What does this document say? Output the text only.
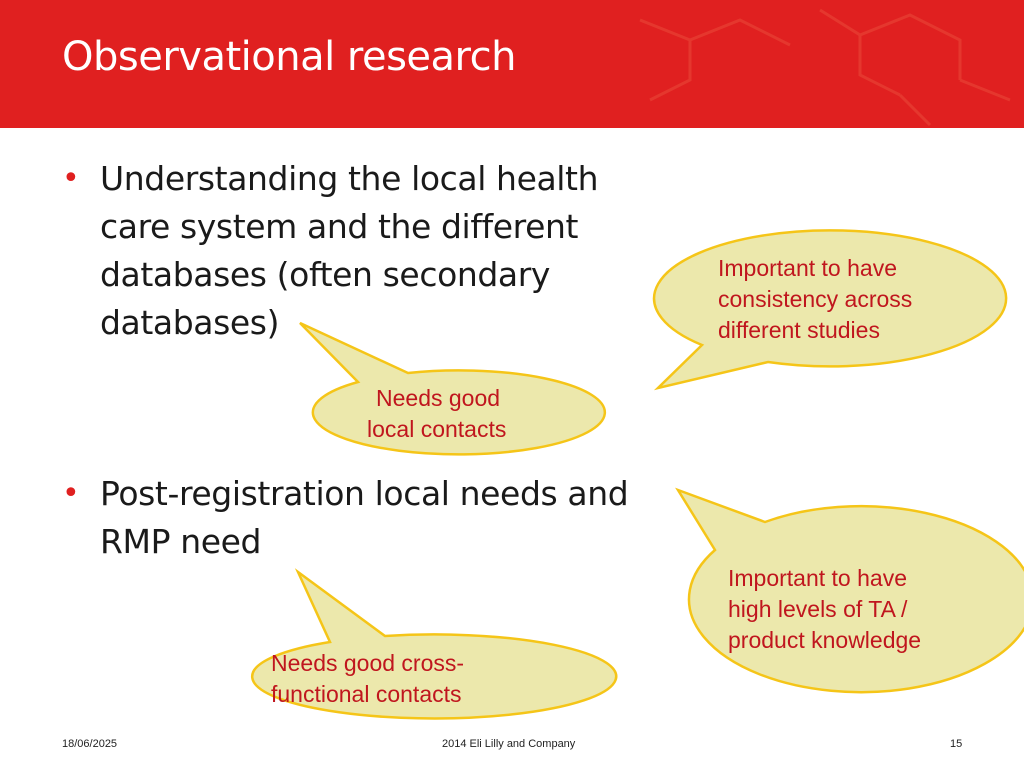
Observational research
• Understanding the local health
care system and the different
databases (often secondary
databases)
• Post-registration local needs and
RMP need
Needs good
local contacts
Important to have
consistency across
different studies
Important to have
high levels of TA /
product knowledge
Needs good cross-
functional contacts
18/06/2025	2014 Eli Lilly and Company	15
